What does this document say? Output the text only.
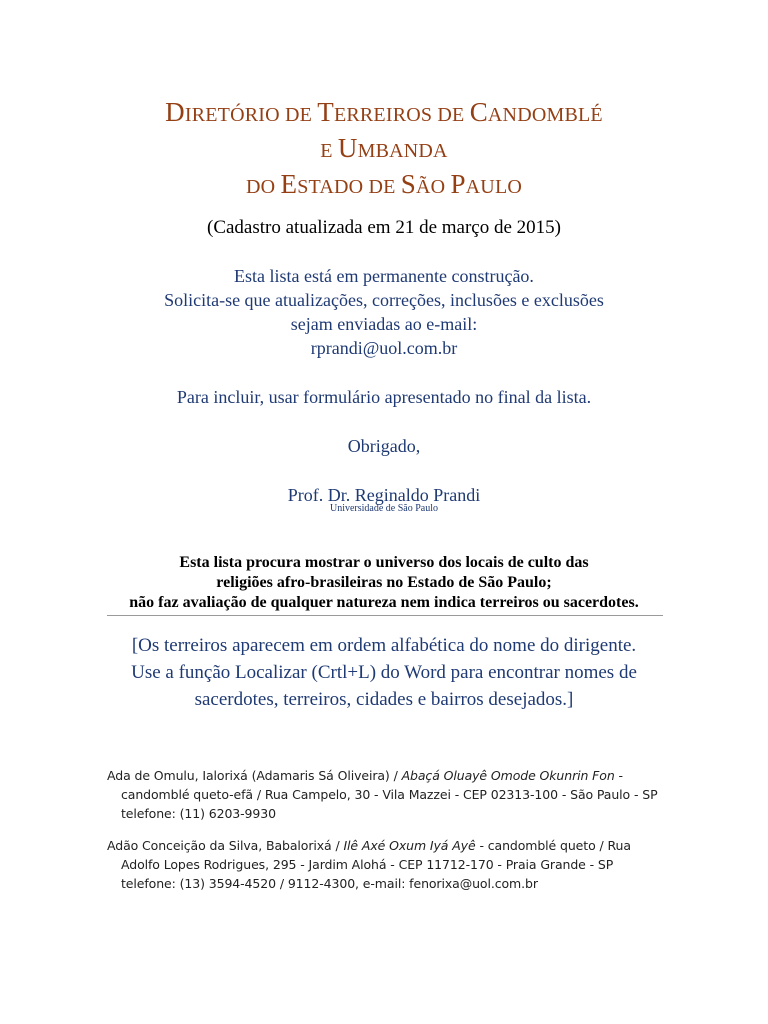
DIRETÓRIO DE TERREIROS DE CANDOMBLÉ
E UMBANDA
DO ESTADO DE SÃO PAULO
(Cadastro atualizada em 21 de março de 2015)
Esta lista está em permanente construção.
Solicita-se que atualizações, correções, inclusões e exclusões
sejam enviadas ao e-mail:
rprandi@uol.com.br
Para incluir, usar formulário apresentado no final da lista.
Obrigado,
Prof. Dr. Reginaldo Prandi
Universidade de São Paulo
Esta lista procura mostrar o universo dos locais de culto das
religiões afro-brasileiras no Estado de São Paulo;
não faz avaliação de qualquer natureza nem indica terreiros ou sacerdotes.
[Os terreiros aparecem em ordem alfabética do nome do dirigente.
Use a função Localizar (Crtl+L) do Word para encontrar nomes de
sacerdotes, terreiros, cidades e bairros desejados.]
Ada de Omulu, Ialorixá (Adamaris Sá Oliveira) / Abaçá Oluayê Omode Okunrin Fon -
candomblé queto-efã / Rua Campelo, 30 - Vila Mazzei - CEP 02313-100 - São Paulo - SP
telefone: (11) 6203-9930
Adão Conceição da Silva, Babalorixá / Ilê Axé Oxum Iyá Ayê - candomblé queto / Rua
Adolfo Lopes Rodrigues, 295 - Jardim Alohá - CEP 11712-170 - Praia Grande - SP
telefone: (13) 3594-4520 / 9112-4300, e-mail: fenorixa@uol.com.br
